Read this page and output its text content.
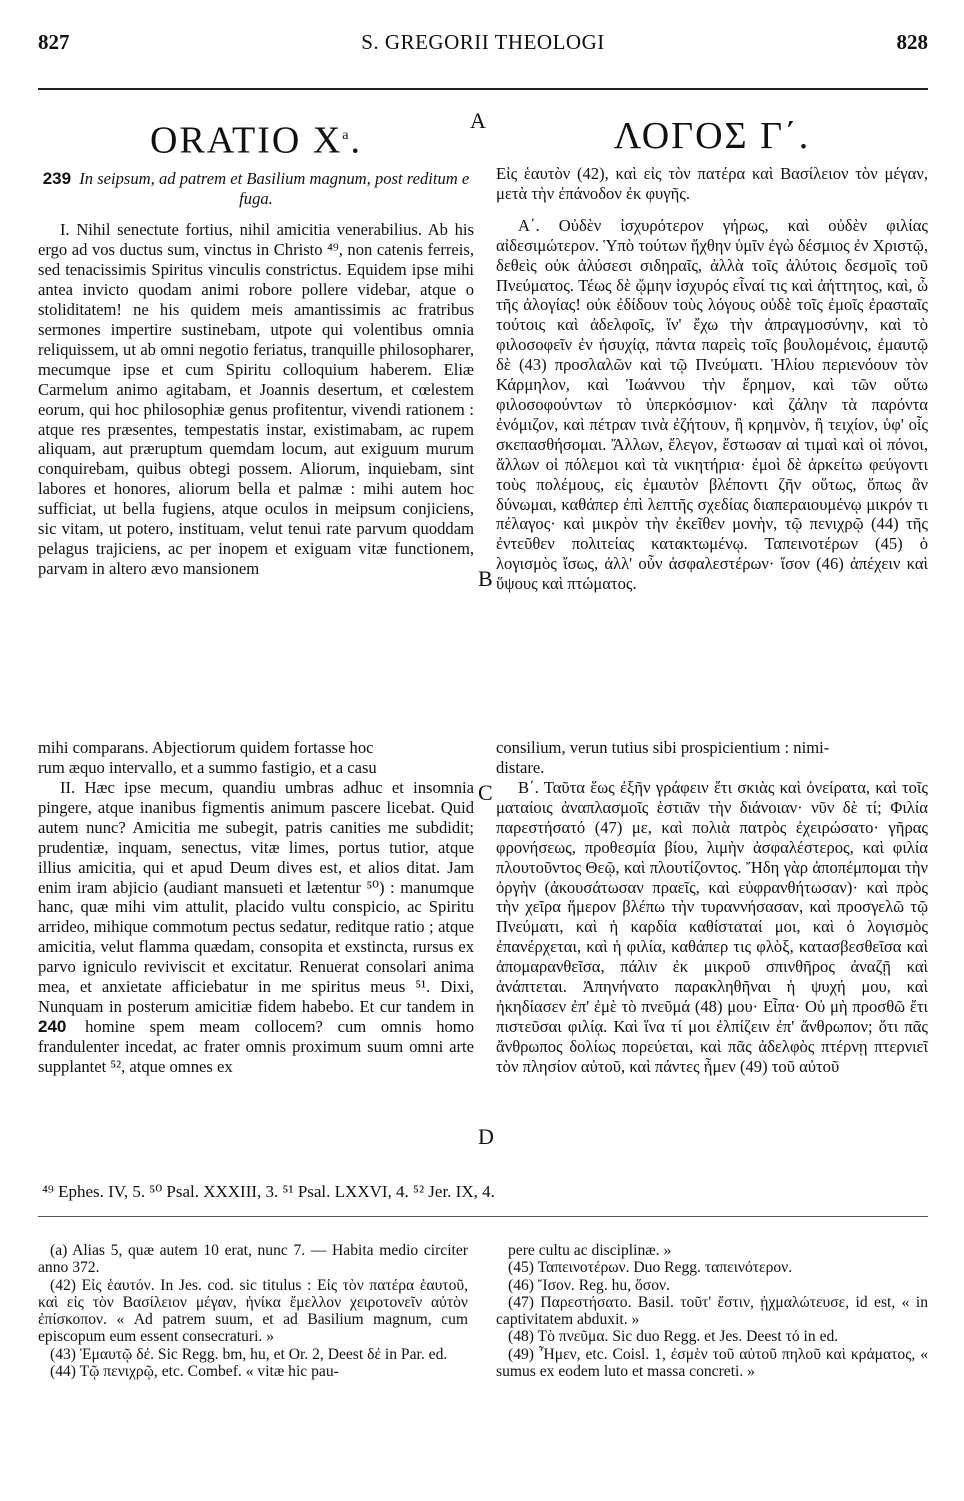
827	S. GREGORII THEOLOGI	828
A
B
C
D
ORATIO $X^a$.

239 In seipsum, ad patrem et Basilium magnum, post reditum e fuga.

I. Nihil senectute fortius, nihil amicitia venerabilius. Ab his ergo ad vos ductus sum, vinctus in Christo ⁴⁹, non catenis ferreis, sed tenacissimis Spiritus vinculis constrictus. Equidem ipse mihi antea invicto quodam animi robore pollere videbar, atque o stoliditatem! ne his quidem meis amantissimis ac fratribus sermones impertire sustinebam, utpote qui volentibus omnia reliquissem, ut ab omni negotio feriatus, tranquille philosopharer, mecumque ipse et cum Spiritu colloquium haberem. Eliæ Carmelum animo agitabam, et Joannis desertum, et cœlestem eorum, qui hoc philosophiæ genus profitentur, vivendi rationem : atque res præsentes, tempestatis instar, existimabam, ac rupem aliquam, aut præruptum quemdam locum, aut exiguum murum conquirebam, quibus obtegi possem. Aliorum, inquiebam, sint labores et honores, aliorum bella et palmæ : mihi autem hoc sufficiat, ut bella fugiens, atque oculos in meipsum conjiciens, sic vitam, ut potero, instituam, velut tenui rate parvum quoddam pelagus trajiciens, ac per inopem et exiguam vitæ functionem, parvam in altero ævo mansionem

ΛΟΓΟΣ Γ΄.

Εἰς ἑαυτὸν (42), καὶ εἰς τὸν πατέρα καὶ Βασίλειον τὸν μέγαν, μετὰ τὴν ἐπάνοδον ἐκ φυγῆς.

Α΄. Οὐδὲν ἰσχυρότερον γήρως, καὶ οὐδὲν φιλίας αἰδεσιμώτερον. Ὑπὸ τούτων ἤχθην ὑμῖν ἐγὼ δέσμιος ἐν Χριστῷ, δεθεὶς οὐκ ἀλύσεσι σιδηραῖς, ἀλλὰ τοῖς ἀλύτοις δεσμοῖς τοῦ Πνεύματος. Τέως δὲ ᾤμην ἰσχυρός εἶναί τις καὶ ἀήττητος, καὶ, ὦ τῆς ἀλογίας! οὐκ ἐδίδουν τοὺς λόγους οὐδὲ τοῖς ἐμοῖς ἐρασταῖς τούτοις καὶ ἀδελφοῖς, ἵν' ἔχω τὴν ἀπραγμοσύνην, καὶ τὸ φιλοσοφεῖν ἐν ἡσυχίᾳ, πάντα παρεὶς τοῖς βουλομένοις, ἐμαυτῷ δὲ (43) προσλαλῶν καὶ τῷ Πνεύματι. Ἠλίου περιενόουν τὸν Κάρμηλον, καὶ Ἰωάννου τὴν ἔρημον, καὶ τῶν οὕτω φιλοσοφούντων τὸ ὑπερκόσμιον· καὶ ζάλην τὰ παρόντα ἐνόμιζον, καὶ πέτραν τινὰ ἐζήτουν, ἢ κρημνὸν, ἢ τειχίον, ὑφ' οἷς σκεπασθήσομαι. Ἄλλων, ἔλεγον, ἔστωσαν αἱ τιμαὶ καὶ οἱ πόνοι, ἄλλων οἱ πόλεμοι καὶ τὰ νικητήρια· ἐμοὶ δὲ ἀρκείτω φεύγοντι τοὺς πολέμους, εἰς ἐμαυτὸν βλέποντι ζῆν οὕτως, ὅπως ἂν δύνωμαι, καθάπερ ἐπὶ λεπτῆς σχεδίας διαπεραιουμένῳ μικρόν τι πέλαγος· καὶ μικρὸν τὴν ἐκεῖθεν μονὴν, τῷ πενιχρῷ (44) τῆς ἐντεῦθεν πολιτείας κατακτωμένῳ. Ταπεινοτέρων (45) ὁ λογισμὸς ἴσως, ἀλλ' οὖν ἀσφαλεστέρων· ἴσον (46) ἀπέχειν καὶ ὕψους καὶ πτώματος.

mihi comparans. Abjectiorum quidem fortasse hoc	consilium, verun tutius sibi prospicientium : nimi-
rum æquo intervallo, et a summo fastigio, et a casu	distare.

II. Hæc ipse mecum, quandiu umbras adhuc et insomnia pingere, atque inanibus figmentis animum pascere licebat. Quid autem nunc? Amicitia me subegit, patris canities me subdidit; prudentiæ, inquam, senectus, vitæ limes, portus tutior, atque illius amicitia, qui et apud Deum dives est, et alios ditat. Jam enim iram abjicio (audiant mansueti et lætentur ⁵⁰) : manumque hanc, quæ mihi vim attulit, placido vultu conspicio, ac Spiritu arrideo, mihique commotum pectus sedatur, reditque ratio ; atque amicitia, velut flamma quædam, consopita et exstincta, rursus ex parvo igniculo reviviscit et excitatur. Renuerat consolari anima mea, et anxietate afficiebatur in me spiritus meus ⁵¹. Dixi, Nunquam in posterum amicitiæ fidem habebo. Et cur tandem in 240 homine spem meam collocem? cum omnis homo frandulenter incedat, ac frater omnis proximum suum omni arte supplantet ⁵², atque omnes ex

Β΄. Ταῦτα ἕως ἐξῆν γράφειν ἔτι σκιὰς καὶ ὀνείρατα, καὶ τοῖς ματαίοις ἀναπλασμοῖς ἑστιᾶν τὴν διάνοιαν· νῦν δὲ τί; Φιλία παρεστήσατό (47) με, καὶ πολιὰ πατρὸς ἐχειρώσατο· γῆρας φρονήσεως, προθεσμία βίου, λιμὴν ἀσφαλέστερος, καὶ φιλία πλουτοῦντος Θεῷ, καὶ πλουτίζοντος. Ἤδη γὰρ ἀποπέμπομαι τὴν ὀργὴν (ἀκουσάτωσαν πραεῖς, καὶ εὐφρανθήτωσαν)· καὶ πρὸς τὴν χεῖρα ἥμερον βλέπω τὴν τυραννήσασαν, καὶ προσγελῶ τῷ Πνεύματι, καὶ ἡ καρδία καθίσταταί μοι, καὶ ὁ λογισμὸς ἐπανέρχεται, καὶ ἡ φιλία, καθάπερ τις φλὸξ, κατασβεσθεῖσα καὶ ἀπομαρανθεῖσα, πάλιν ἐκ μικροῦ σπινθῆρος ἀναζῇ καὶ ἀνάπτεται. Ἀπηνήνατο παρακληθῆναι ἡ ψυχή μου, καὶ ἠκηδίασεν ἐπ' ἐμὲ τὸ πνεῦμά (48) μου· Εἶπα· Οὐ μὴ προσθῶ ἔτι πιστεῦσαι φιλίᾳ. Καὶ ἵνα τί μοι ἐλπίζειν ἐπ' ἄνθρωπον; ὅτι πᾶς ἄνθρωπος δολίως πορεύεται, καὶ πᾶς ἀδελφὸς πτέρνῃ πτερνιεῖ τὸν πλησίον αὐτοῦ, καὶ πάντες ἦμεν (49) τοῦ αὐτοῦ

⁴⁹ Ephes. IV, 5. ⁵⁰ Psal. XXXIII, 3. ⁵¹ Psal. LXXVI, 4. ⁵² Jer. IX, 4.

(a) Alias 5, quæ autem 10 erat, nunc 7. — Habita medio circiter anno 372.

(42) Εἰς ἑαυτόν. In Jes. cod. sic titulus : Εἰς τὸν πατέρα ἑαυτοῦ, καὶ εἰς τὸν Βασίλειον μέγαν, ἡνίκα ἔμελλον χειροτονεῖν αὐτὸν ἐπίσκοπον. « Ad patrem suum, et ad Basilium magnum, cum episcopum eum essent consecraturi. »

(43) Ἐμαυτῷ δέ. Sic Regg. bm, hu, et Or. 2, Deest δέ in Par. ed.

(44) Τῷ πενιχρῷ, etc. Combef. « vitæ hic pau-

pere cultu ac disciplinæ. »

(45) Ταπεινοτέρων. Duo Regg. ταπεινότερον.

(46) Ἴσον. Reg. hu, ὅσον.

(47) Παρεστήσατο. Basil. τοῦτ' ἔστιν, ᾐχμαλώτευσε, id est, « in captivitatem abduxit. »

(48) Τὸ πνεῦμα. Sic duo Regg. et Jes. Deest τό in ed.

(49) Ἦμεν, etc. Coisl. 1, ἐσμὲν τοῦ αὐτοῦ πηλοῦ καὶ κράματος, « sumus ex eodem luto et massa concreti. »
